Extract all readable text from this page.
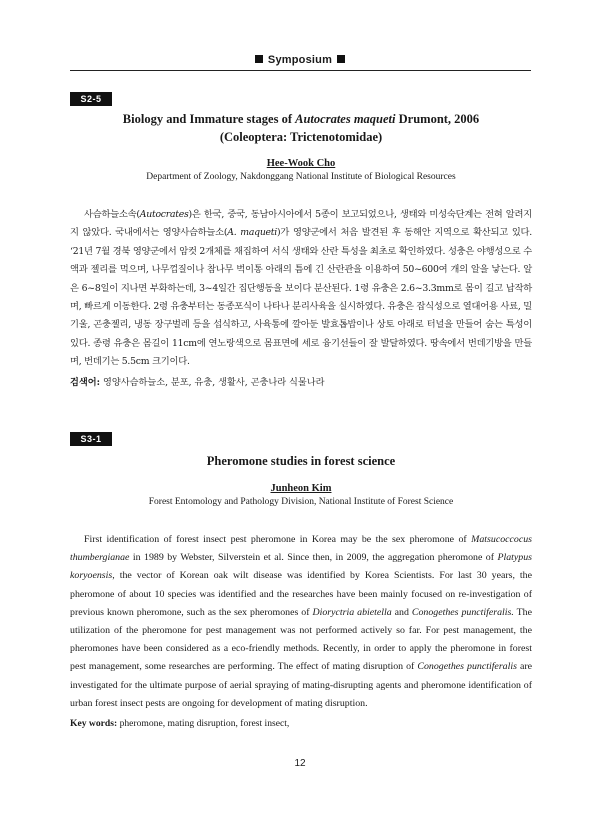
Symposium
S2-5

Biology and Immature stages of Autocrates maqueti Drumont, 2006
(Coleoptera: Trictenotomidae)

Hee-Wook Cho

Department of Zoology, Nakdonggang National Institute of Biological Resources

사슴하늘소속(Autocrates)은 한국, 중국, 동남아시아에서 5종이 보고되었으나, 생태와 미성숙단계는 전혀 알려지지 않았다. 국내에서는 영양사슴하늘소(A. maqueti)가 영양군에서 처음 발견된 후 동해안 지역으로 확산되고 있다. ‘21년 7월 경북 영양군에서 암컷 2개체를 채집하여 서식 생태와 산란 특성을 최초로 확인하였다. 성충은 야행성으로 수액과 젤리를 먹으며, 나무껍질이나 참나무 벅이통 아래의 틈에 긴 산란관을 이용하여 50~600여 개의 알을 낳는다. 알은 6~8일이 지나면 부화하는데, 3~4일간 집단행동을 보이다 분산된다. 1령 유충은 2.6~3.3mm로 몸이 길고 납작하며, 빠르게 이동한다. 2령 유충부터는 동종포식이 나타나 분리사육을 실시하였다. 유충은 잡식성으로 열대어용 사료, 밀기울, 곤충젤리, 냉동 장구벌레 등을 섭식하고, 사육통에 깔아둔 발효톱밥이나 상토 아래로 터널을 만들어 숨는 특성이 있다. 종령 유충은 몸길이 11cm에 연노랑색으로 몸표면에 세로 융기선들이 잘 발달하였다. 땅속에서 번데기방을 만들며, 번데기는 5.5cm 크기이다.

검색어: 영양사슴하늘소, 분포, 유충, 생활사, 곤충나라 식물나라

S3-1

Pheromone studies in forest science

Junheon Kim

Forest Entomology and Pathology Division, National Institute of Forest Science

First identification of forest insect pest pheromone in Korea may be the sex pheromone of Matsucoccocus thumbergianae in 1989 by Webster, Silverstein et al. Since then, in 2009, the aggregation pheromone of Platypus koryoensis, the vector of Korean oak wilt disease was identified by Korea Scientists. For last 30 years, the pheromone of about 10 species was identified and the researches have been mainly focused on re-investigation of previous known pheromone, such as the sex pheromones of Dioryctria abietella and Conogethes punctiferalis. The utilization of the pheromone for pest management was not performed actively so far. For pest management, the pheromones have been considered as a eco-friendly methods. Recently, in order to apply the pheromone in forest pest management, some researches are performing. The effect of mating disruption of Conogethes punctiferalis are investigated for the ultimate purpose of aerial spraying of mating-disrupting agents and pheromone identification of urban forest insect pests are ongoing for development of mating disruption.

Key words: pheromone, mating disruption, forest insect,

12
